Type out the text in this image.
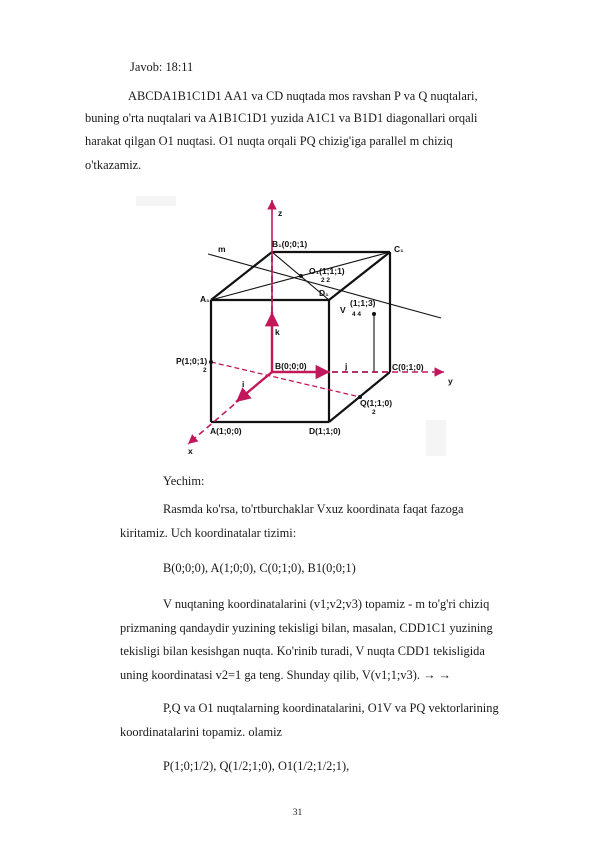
Javob: 18:11
ABCDA1B1C1D1 AA1 va CD nuqtada mos ravshan P va Q nuqtalari,
buning o'rta nuqtalari va A1B1C1D1 yuzida A1C1 va B1D1 diagonallari orqali
harakat qilgan O1 nuqtasi. O1 nuqta orqali PQ chizig'iga parallel m chiziq
o'tkazamiz.
z
m	B₁(0;0;1)	C₁
O₁(1;1;1)
2 2
D₁
A₁
V
(1;1;3)
4 4
k
P(1;0;1)
2	B(0;0;0)	j	C(0;1;0)
y
i
Q(1;1;0)
2
A(1;0;0)	D(1;1;0)
x
Yechim:
Rasmda ko'rsa, to'rtburchaklar Vxuz koordinata faqat fazoga
kiritamiz. Uch koordinatalar tizimi:
B(0;0;0), A(1;0;0), C(0;1;0), B1(0;0;1)
V nuqtaning koordinatalarini (v1;v2;v3) topamiz - m to'g'ri chiziq
prizmaning qandaydir yuzining tekisligi bilan, masalan, CDD1C1 yuzining
tekisligi bilan kesishgan nuqta. Ko'rinib turadi, V nuqta CDD1 tekisligida
uning koordinatasi v2=1 ga teng. Shunday qilib, V(v1;1;v3). → →
P,Q va O1 nuqtalarning koordinatalarini, O1V va PQ vektorlarining
koordinatalarini topamiz. olamiz
P(1;0;1/2), Q(1/2;1;0), O1(1/2;1/2;1),
31
